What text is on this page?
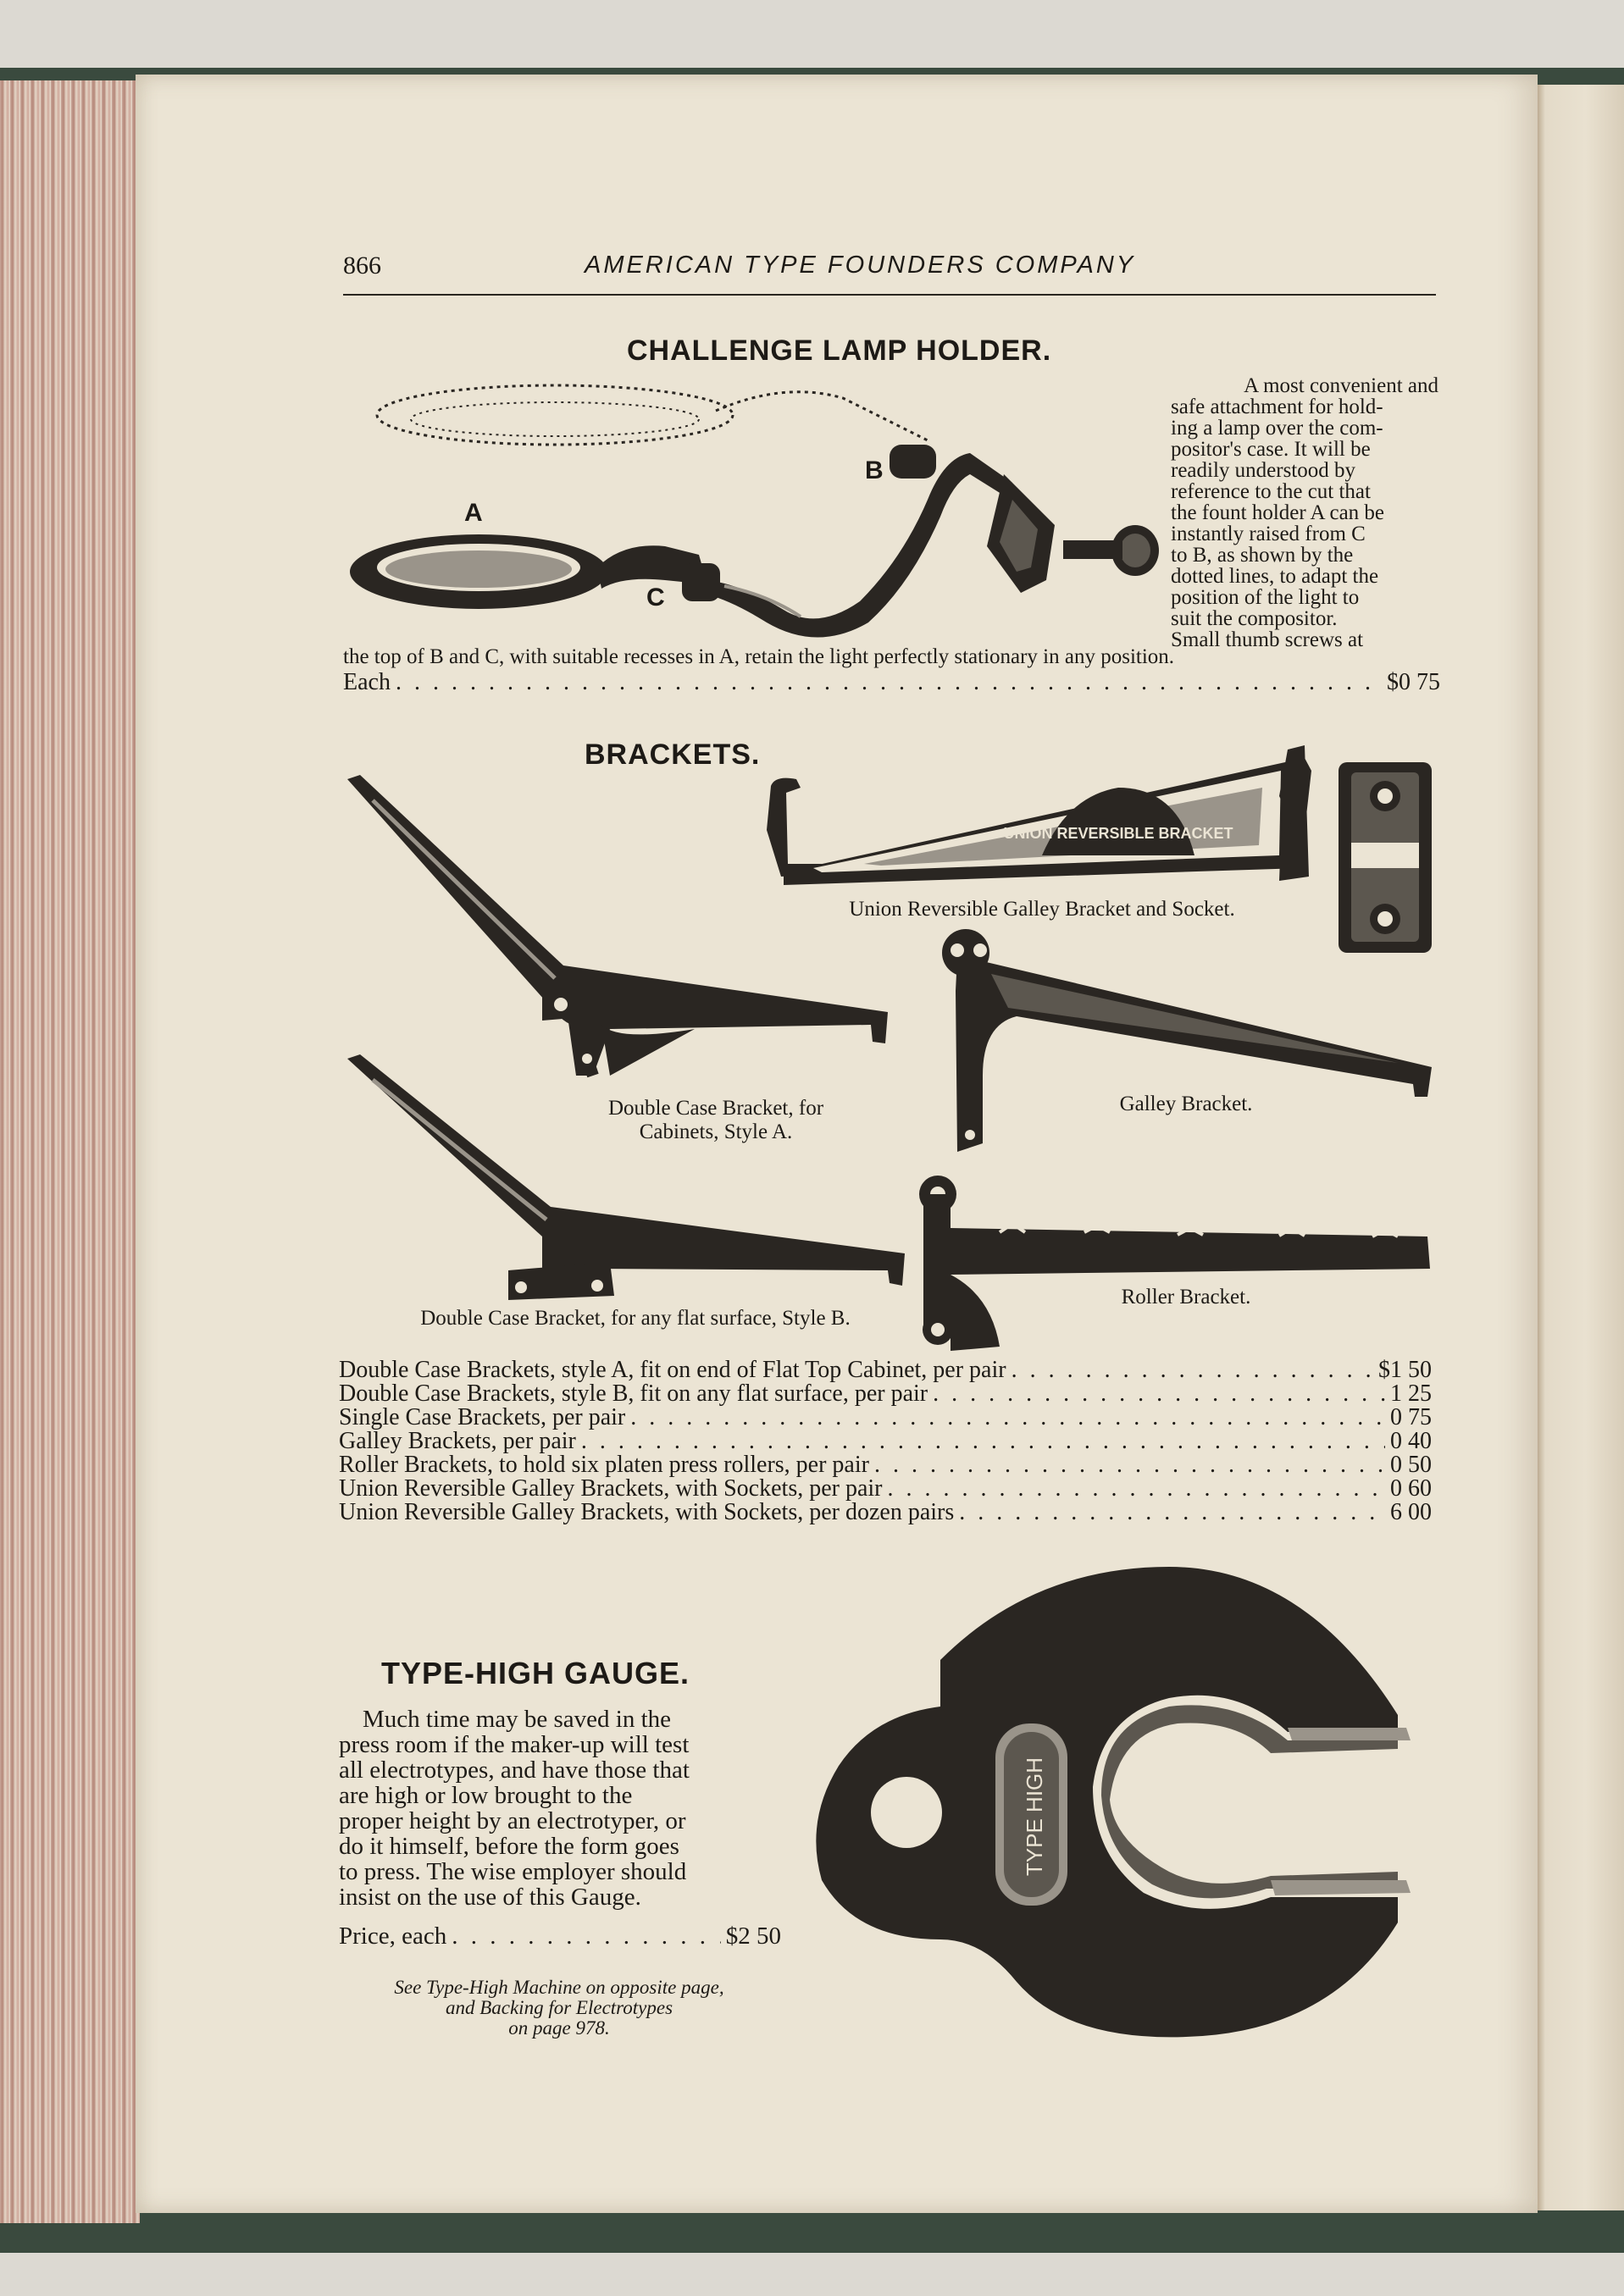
866	AMERICAN TYPE FOUNDERS COMPANY
CHALLENGE LAMP HOLDER.
A
B
C
A most convenient and
safe attachment for hold-
ing a lamp over the com-
positor's case. It will be
readily understood by
reference to the cut that
the fount holder A can be
instantly raised from C
to B, as shown by the
dotted lines, to adapt the
position of the light to
suit the compositor.
Small thumb screws at
the top of B and C, with suitable recesses in A, retain the light perfectly stationary in any position.
Each . . .	$0 75
BRACKETS.
UNION REVERSIBLE BRACKET
Union Reversible Galley Bracket and Socket.
Double Case Bracket, for
Cabinets, Style A.
Galley Bracket.
Roller Bracket.
Double Case Bracket, for any flat surface, Style B.
Double Case Brackets, style A, fit on end of Flat Top Cabinet, per pair . . .	$1 50
Double Case Brackets, style B, fit on any flat surface, per pair . . .	1 25
Single Case Brackets, per pair . . .	0 75
Galley Brackets, per pair . . .	0 40
Roller Brackets, to hold six platen press rollers, per pair . . .	0 50
Union Reversible Galley Brackets, with Sockets, per pair . . .	0 60
Union Reversible Galley Brackets, with Sockets, per dozen pairs . . .	6 00
TYPE-HIGH GAUGE.
Much time may be saved in the
press room if the maker-up will test
all electrotypes, and have those that
are high or low brought to the
proper height by an electrotyper, or
do it himself, before the form goes
to press. The wise employer should
insist on the use of this Gauge.
Price, each . . .	$2 50
See Type-High Machine on opposite page,
and Backing for Electrotypes
on page 978.
TYPE HIGH
